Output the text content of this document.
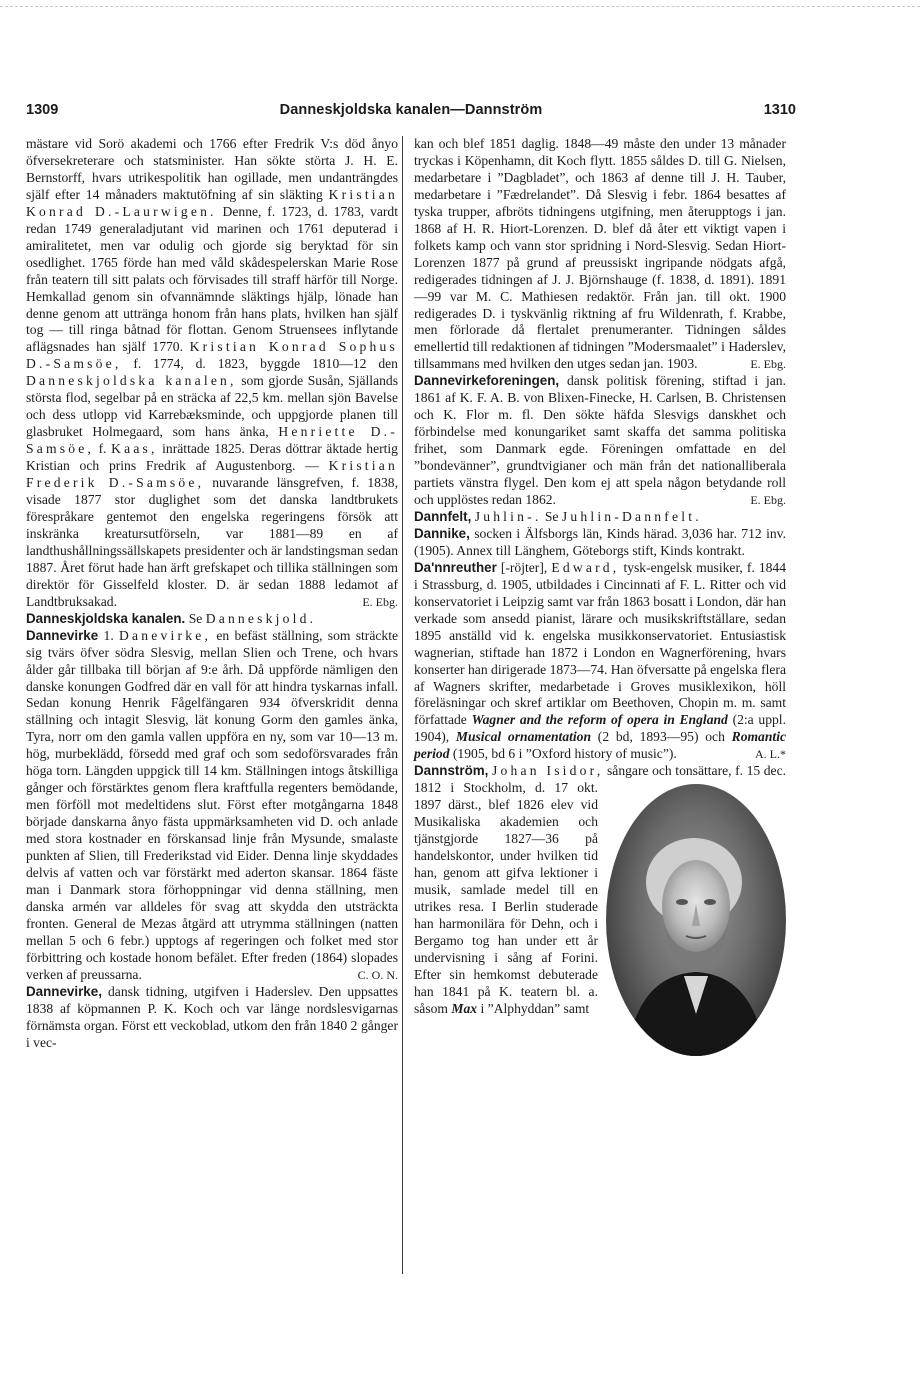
1309	Danneskjoldska kanalen—Dannström	1310

mästare vid Sorö akademi och 1766 efter Fredrik V:s död ånyo öfversekreterare och statsminister. Han sökte störta J. H. E. Bernstorff, hvars utrikespolitik han ogillade, men undanträngdes själf efter 14 månaders maktutöfning af sin släkting Kristian Konrad D.-Laurwigen. Denne, f. 1723, d. 1783, vardt redan 1749 generaladjutant vid marinen och 1761 deputerad i amiralitetet, men var odulig och gjorde sig beryktad för sin osedlighet. 1765 förde han med våld skådespelerskan Marie Rose från teatern till sitt palats och förvisades till straff härför till Norge. Hemkallad genom sin ofvannämnde släktings hjälp, lönade han denne genom att utträngа honom från hans plats, hvilken han själf tog — till ringa båtnad för flottan. Genom Struensees inflytande aflägsnades han själf 1770. Kristian Konrad Sophus D.-Samsöe, f. 1774, d. 1823, byggde 1810—12 den Danneskjoldska kanalen, som gjorde Susån, Själlands största flod, segelbar på en sträcka af 22,5 km. mellan sjön Bavelse och dess utlopp vid Karrebæksminde, och uppgjorde planen till glasbruket Holmegaard, som hans änka, Henriette D.-Samsöe, f. Kaas, inrättade 1825. Deras döttrar äktade hertig Kristian och prins Fredrik af Augustenborg. — Kristian Frederik D.-Samsöe, nuvarande länsgrefven, f. 1838, visade 1877 stor duglighet som det danska landtbrukets förespråkare gentemot den engelska regeringens försök att inskränka kreatursutförseln, var 1881—89 en af landthushållningssällskapets presidenter och är landstingsman sedan 1887. Året förut hade han ärft grefskapet och tillika ställningen som direktör för Gisselfeld kloster. D. är sedan 1888 ledamot af Landtbruksakad.	E. Ebg.

Danneskjoldska kanalen. Se Danneskjold.

Dannevirke 1. Danevirke, en befäst ställning, som sträckte sig tvärs öfver södra Slesvig, mellan Slien och Trene, och hvars ålder går tillbaka till början af 9:e årh. Då uppförde nämligen den danske konungen Godfred där en vall för att hindra tyskarnas infall. Sedan konung Henrik Fågelfängaren 934 öfverskridit denna ställning och intagit Slesvig, lät konung Gorm den gamles änka, Tyra, norr om den gamla vallen uppföra en ny, som var 10—13 m. hög, murbeklädd, försedd med graf och som sedoförsvarades från höga torn. Längden uppgick till 14 km. Ställningen intogs åtskilliga gånger och förstärktes genom flera kraftfulla regenters bemödande, men förföll mot medeltidens slut. Först efter motgångarna 1848 började danskarna ånyo fästa uppmärksamheten vid D. och anlade med stora kostnader en förskansad linje från Mysunde, smalaste punkten af Slien, till Frederikstad vid Eider. Denna linje skyddades delvis af vatten och var förstärkt med aderton skansar. 1864 fäste man i Danmark stora förhoppningar vid denna ställning, men danska armén var alldeles för svag att skydda den utsträckta fronten. General de Mezas åtgärd att utrymma ställningen (natten mellan 5 och 6 febr.) upptogs af regeringen och folket med stor förbittring och kostade honom befälet. Efter freden (1864) slopades verken af preussarna.	C. O. N.

Dannevirke, dansk tidning, utgifven i Haderslev. Den uppsattes 1838 af köpmannen P. K. Koch och var länge nordslesvigarnas förnämsta organ. Först ett veckoblad, utkom den från 1840 2 gånger i vec-

kan och blef 1851 daglig. 1848—49 måste den under 13 månader tryckas i Köpenhamn, dit Koch flytt. 1855 såldes D. till G. Nielsen, medarbetare i ”Dagbladet”, och 1863 af denne till J. H. Tauber, medarbetare i ”Fædrelandet”. Då Slesvig i febr. 1864 besattes af tyska trupper, afbröts tidningens utgifning, men återupptogs i jan. 1868 af H. R. Hiort-Lorenzen. D. blef då åter ett viktigt vapen i folkets kamp och vann stor spridning i Nord-Slesvig. Sedan Hiort-Lorenzen 1877 på grund af preussiskt ingripande nödgats afgå, redigerades tidningen af J. J. Björnshauge (f. 1838, d. 1891). 1891—99 var M. C. Mathiesen redaktör. Från jan. till okt. 1900 redigerades D. i tyskvänlig riktning af fru Wildenrath, f. Krabbe, men förlorade då flertalet prenumeranter. Tidningen såldes emellertid till redaktionen af tidningen ”Modersmaalet” i Haderslev, tillsammans med hvilken den utges sedan jan. 1903.	E. Ebg.

Dannevirkeforeningen, dansk politisk förening, stiftad i jan. 1861 af K. F. A. B. von Blixen-Finecke, H. Carlsen, B. Christensen och K. Flor m. fl. Den sökte häfda Slesvigs danskhet och förbindelse med konungariket samt skaffa det samma politiska frihet, som Danmark egde. Föreningen omfattade en del ”bondevänner”, grundtvigianer och män från det nationalliberala partiets vänstra flygel. Den kom ej att spela någon betydande roll och upplöstes redan 1862.	E. Ebg.

Dannfelt, Juhlin-. Se Juhlin-Dannfelt.

Dannike, socken i Älfsborgs län, Kinds härad. 3,036 har. 712 inv. (1905). Annex till Länghem, Göteborgs stift, Kinds kontrakt.

Da'nnreuther [-röjter], Edward, tysk-engelsk musiker, f. 1844 i Strassburg, d. 1905, utbildades i Cincinnati af F. L. Ritter och vid konservatoriet i Leipzig samt var från 1863 bosatt i London, där han verkade som ansedd pianist, lärare och musikskriftställare, sedan 1895 anställd vid k. engelska musikkonservatoriet. Entusiastisk wagnerian, stiftade han 1872 i London en Wagnerförening, hvars konserter han dirigerade 1873—74. Han öfversatte på engelska flera af Wagners skrifter, medarbetade i Groves musiklexikon, höll föreläsningar och skref artiklar om Beethoven, Chopin m. m. samt författade Wagner and the reform of opera in England (2:a uppl. 1904), Musical ornamentation (2 bd, 1893—95) och Romantic period (1905, bd 6 i ”Oxford history of music”).	A. L.*

Dannström, Johan Isidor, sångare och tonsättare, f. 15 dec. 1812 i Stockholm, d. 17 okt. 1897 därst., blef 1826 elev vid Musikaliska akademien och tjänstgjorde 1827—36 på handelskontor, under hvilken tid han, genom att gifva lektioner i musik, samlade medel till en utrikes resa. I Berlin studerade han harmonilära för Dehn, och i Bergamo tog han under ett år undervisning i sång af Forini. Efter sin hemkomst debuterade han 1841 på K. teatern bl. a. såsom Max i ”Alphyddan” samt
